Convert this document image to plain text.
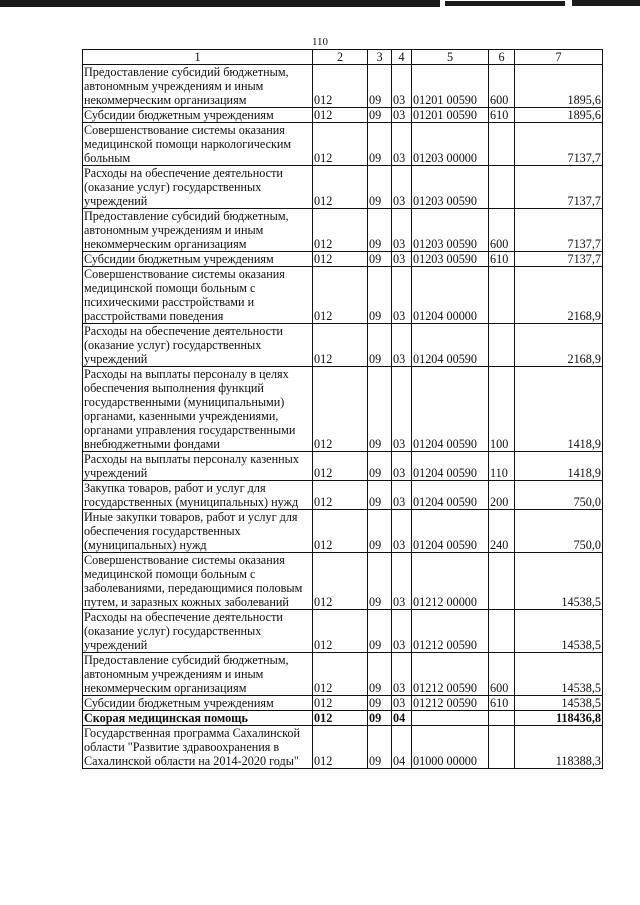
110
1	2	3	4	5	6	7
Предоставление субсидий бюджетным, автономным учреждениям и иным некоммерческим организациям	012	09	03	01201 00590	600	1895,6
Субсидии бюджетным учреждениям	012	09	03	01201 00590	610	1895,6
Совершенствование системы оказания медицинской помощи наркологическим больным	012	09	03	01203 00000		7137,7
Расходы на обеспечение деятельности (оказание услуг) государственных учреждений	012	09	03	01203 00590		7137,7
Предоставление субсидий бюджетным, автономным учреждениям и иным некоммерческим организациям	012	09	03	01203 00590	600	7137,7
Субсидии бюджетным учреждениям	012	09	03	01203 00590	610	7137,7
Совершенствование системы оказания медицинской помощи больным с психическими расстройствами и расстройствами поведения	012	09	03	01204 00000		2168,9
Расходы на обеспечение деятельности (оказание услуг) государственных учреждений	012	09	03	01204 00590		2168,9
Расходы на выплаты персоналу в целях обеспечения выполнения функций государственными (муниципальными) органами, казенными учреждениями, органами управления государственными внебюджетными фондами	012	09	03	01204 00590	100	1418,9
Расходы на выплаты персоналу казенных учреждений	012	09	03	01204 00590	110	1418,9
Закупка товаров, работ и услуг для государственных (муниципальных) нужд	012	09	03	01204 00590	200	750,0
Иные закупки товаров, работ и услуг для обеспечения государственных (муниципальных) нужд	012	09	03	01204 00590	240	750,0
Совершенствование системы оказания медицинской помощи больным с заболеваниями, передающимися половым путем, и заразных кожных заболеваний	012	09	03	01212 00000		14538,5
Расходы на обеспечение деятельности (оказание услуг) государственных учреждений	012	09	03	01212 00590		14538,5
Предоставление субсидий бюджетным, автономным учреждениям и иным некоммерческим организациям	012	09	03	01212 00590	600	14538,5
Субсидии бюджетным учреждениям	012	09	03	01212 00590	610	14538,5
Скорая медицинская помощь	012	09	04			118436,8
Государственная программа Сахалинской области "Развитие здравоохранения в Сахалинской области на 2014-2020 годы"	012	09	04	01000 00000		118388,3
